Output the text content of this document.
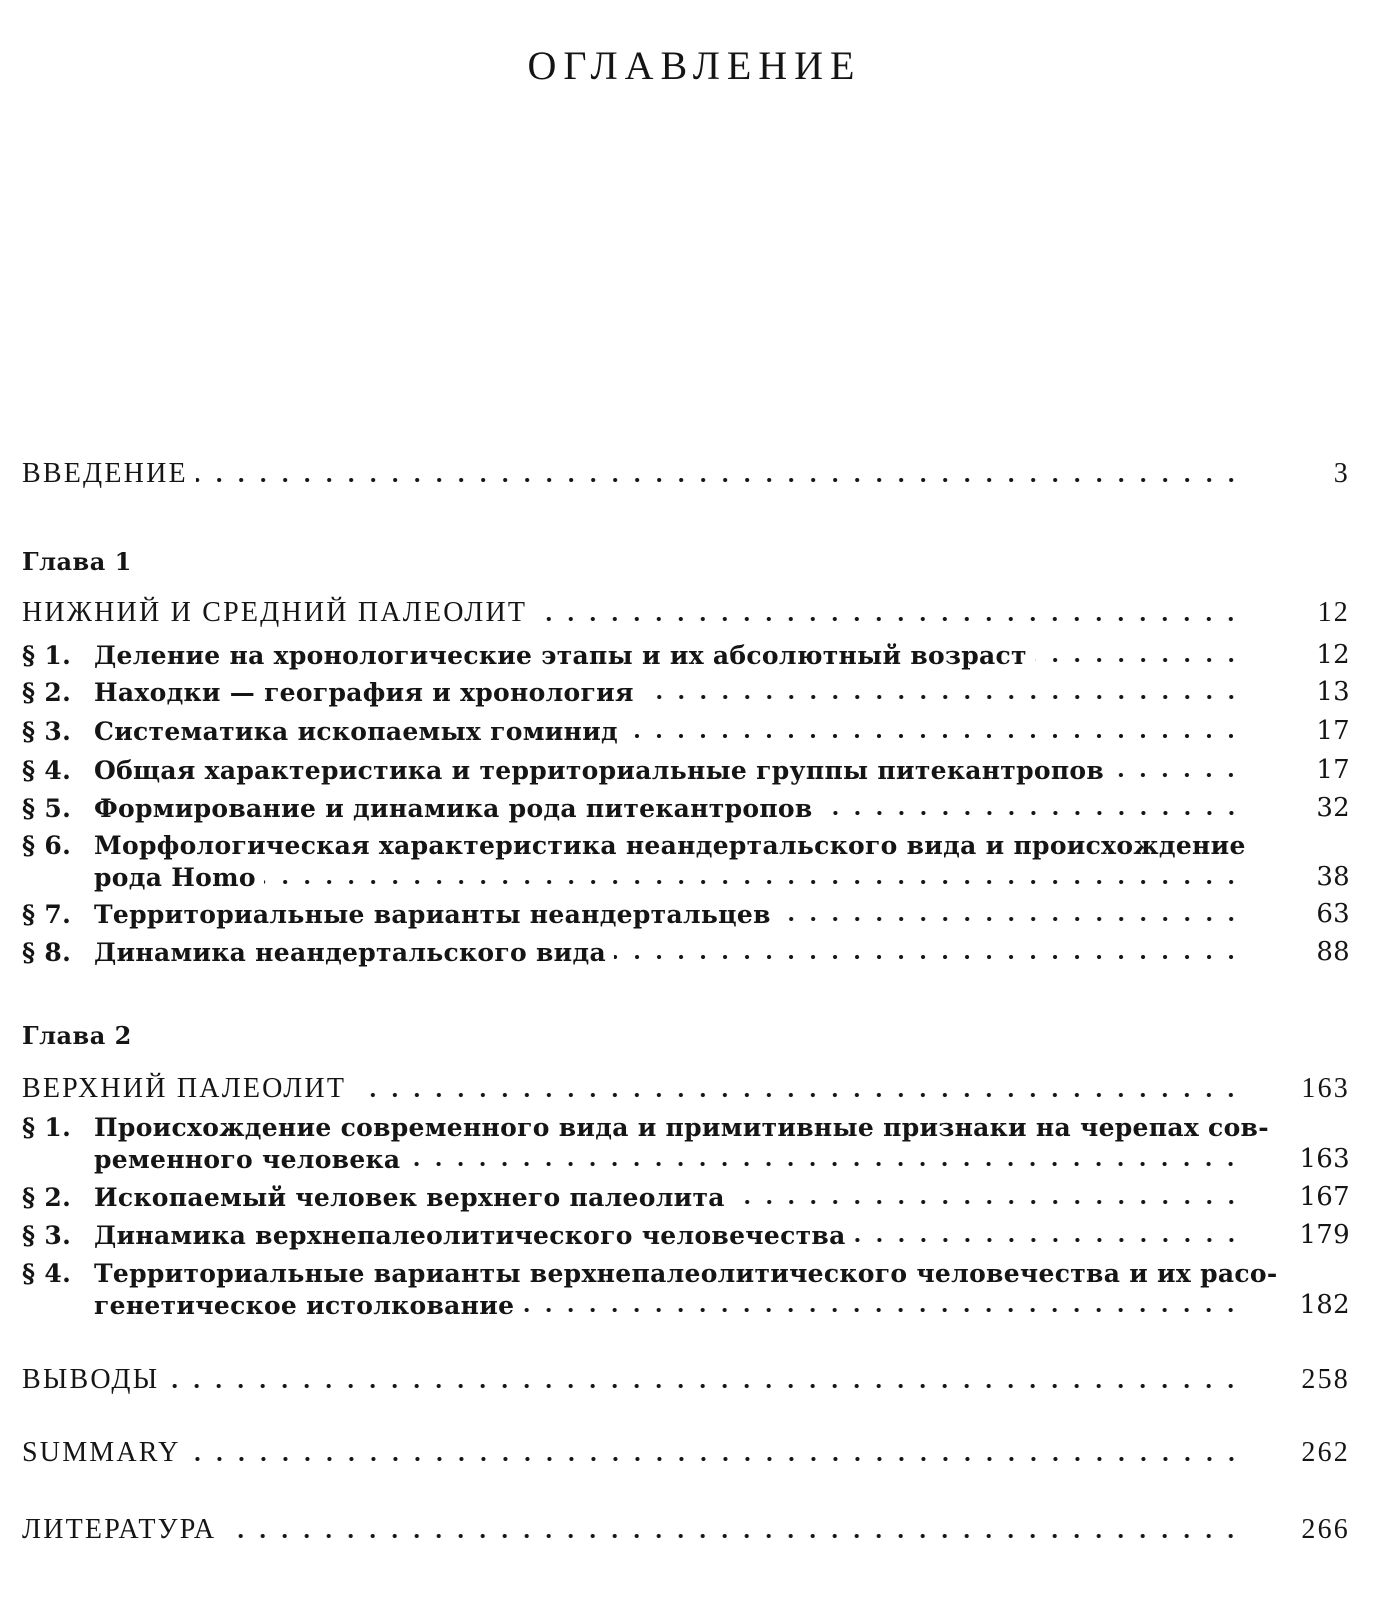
ОГЛАВЛЕНИЕ
ВВЕДЕНИЕ	3
Глава 1
НИЖНИЙ И СРЕДНИЙ ПАЛЕОЛИТ	12
§ 1. Деление на хронологические этапы и их абсолютный возраст	12
§ 2. Находки — география и хронология	13
§ 3. Систематика ископаемых гоминид	17
§ 4. Общая характеристика и территориальные группы питекантропов	17
§ 5. Формирование и динамика рода питекантропов	32
§ 6. Морфологическая характеристика неандертальского вида и происхождение
рода Homo	38
§ 7. Территориальные варианты неандертальцев	63
§ 8. Динамика неандертальского вида	88
Глава 2
ВЕРХНИЙ ПАЛЕОЛИТ	163
§ 1. Происхождение современного вида и примитивные признаки на черепах сов-
ременного человека	163
§ 2. Ископаемый человек верхнего палеолита	167
§ 3. Динамика верхнепалеолитического человечества	179
§ 4. Территориальные варианты верхнепалеолитического человечества и их расо-
генетическое истолкование	182
ВЫВОДЫ	258
SUMMARY	262
ЛИТЕРАТУРА	266
